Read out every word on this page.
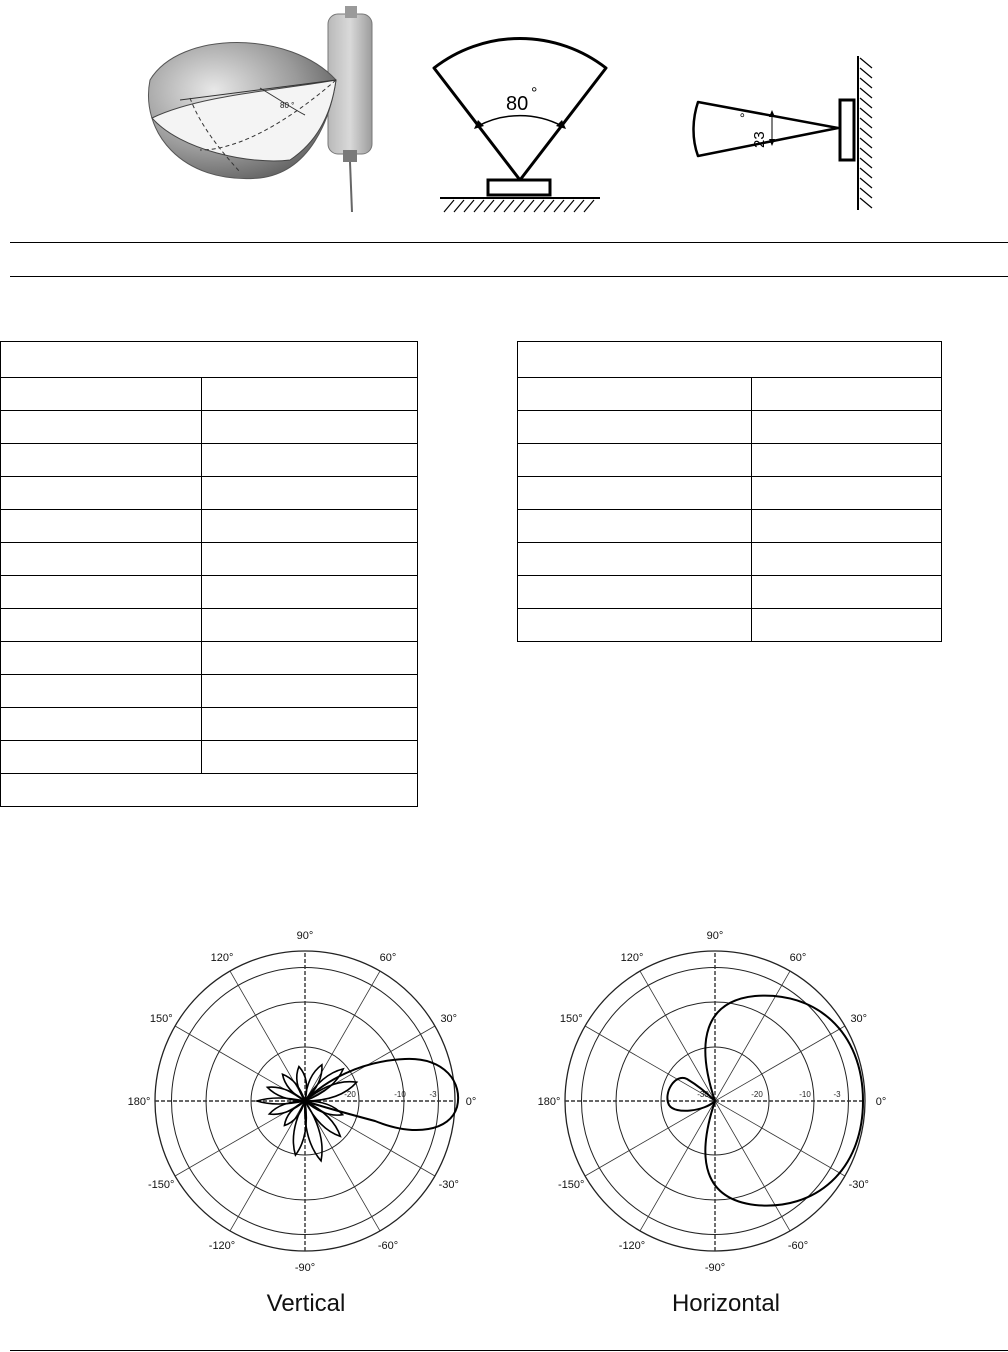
80 °	80 °
23
°

90°
60°
30°
0°
-30°
-60°
-90°
-120°
-150°
180°
150°
120°
-20	-10	-3
90°
60°
30°
0°
-30°
-60°
-90°
-120°
-150°
180°
150°
120°
-30	-20	-10	-3
Vertical	Horizontal
